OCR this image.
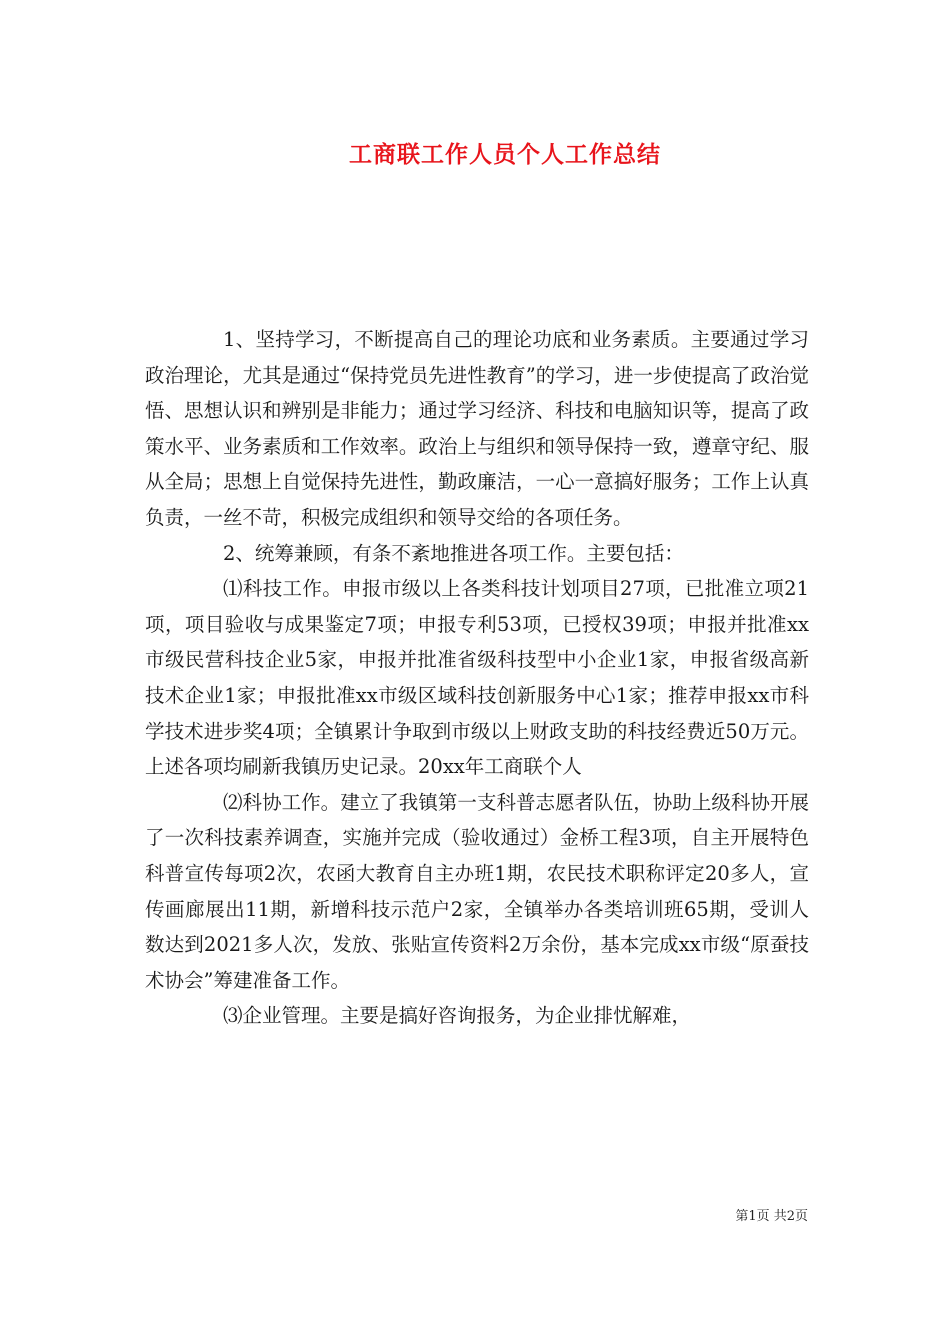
工商联工作人员个人工作总结

1、坚持学习，不断提高自己的理论功底和业务素质。主要通过学习政治理论，尤其是通过“保持党员先进性教育”的学习，进一步使提高了政治觉悟、思想认识和辨别是非能力；通过学习经济、科技和电脑知识等，提高了政策水平、业务素质和工作效率。政治上与组织和领导保持一致，遵章守纪、服从全局；思想上自觉保持先进性，勤政廉洁，一心一意搞好服务；工作上认真负责，一丝不苛，积极完成组织和领导交给的各项任务。

2、统筹兼顾，有条不紊地推进各项工作。主要包括：

⑴科技工作。申报市级以上各类科技计划项目27项，已批准立项21项，项目验收与成果鉴定7项；申报专利53项，已授权39项；申报并批准xx市级民营科技企业5家，申报并批准省级科技型中小企业1家，申报省级高新技术企业1家；申报批准xx市级区域科技创新服务中心1家；推荐申报xx市科学技术进步奖4项；全镇累计争取到市级以上财政支助的科技经费近50万元。上述各项均刷新我镇历史记录。20xx年工商联个人

⑵科协工作。建立了我镇第一支科普志愿者队伍，协助上级科协开展了一次科技素养调查，实施并完成（验收通过）金桥工程3项，自主开展特色科普宣传每项2次，农函大教育自主办班1期，农民技术职称评定20多人，宣传画廊展出11期，新增科技示范户2家，全镇举办各类培训班65期，受训人数达到2021多人次，发放、张贴宣传资料2万余份，基本完成xx市级“原蚕技术协会”筹建准备工作。

⑶企业管理。主要是搞好咨询报务，为企业排忧解难，

第1页 共2页
